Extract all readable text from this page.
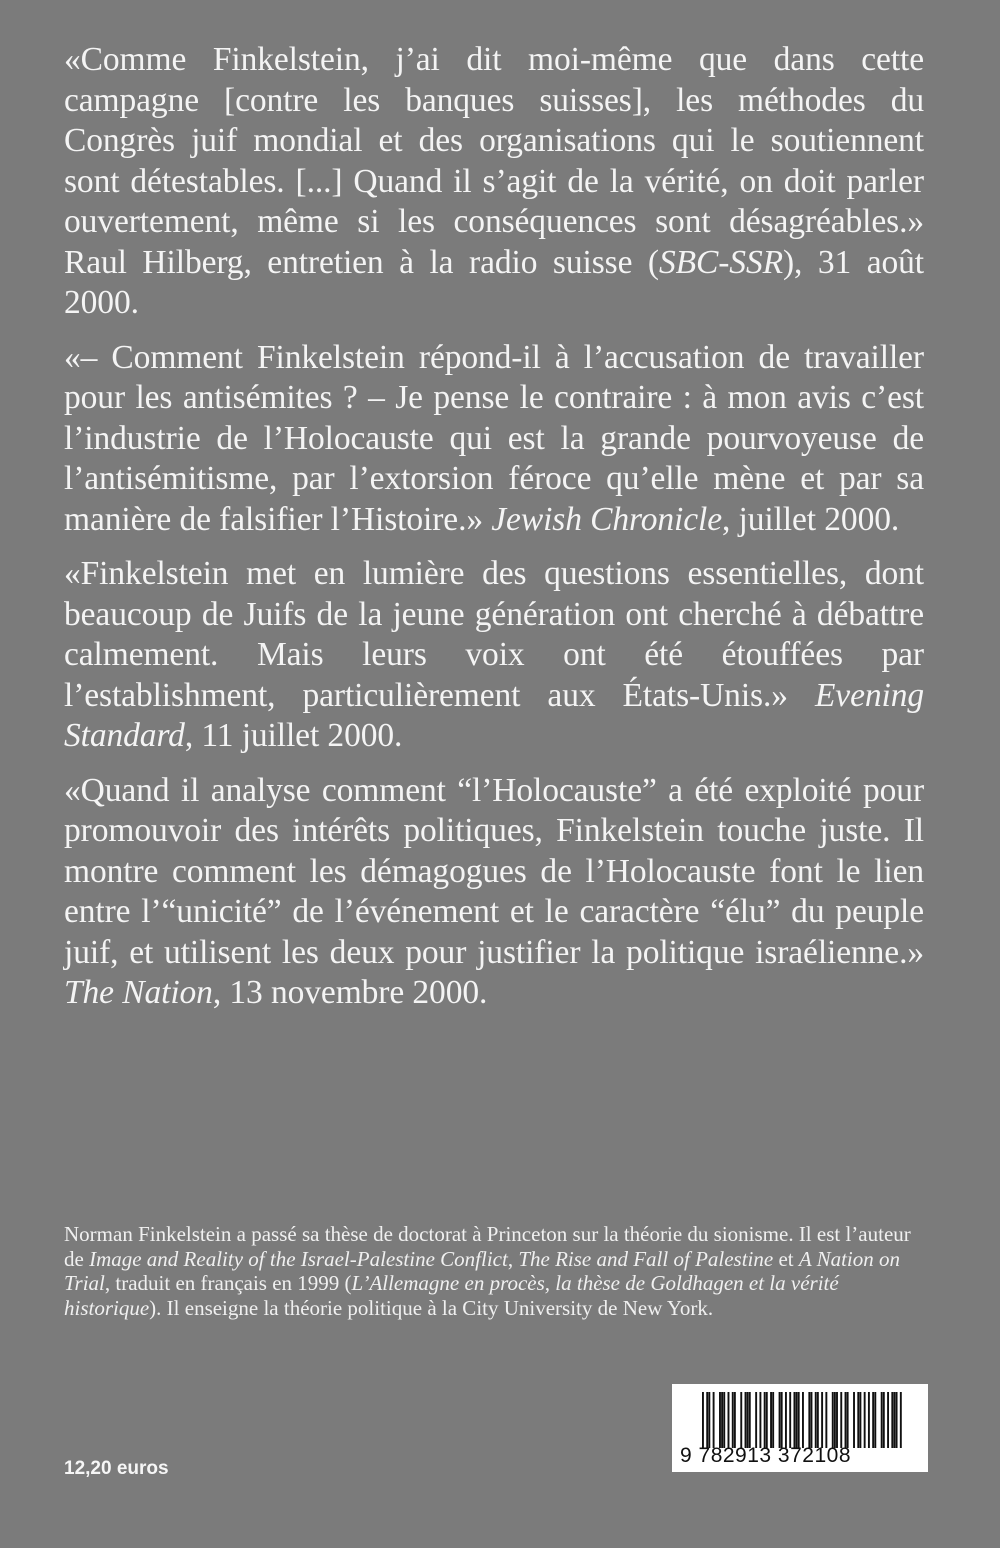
«Comme Finkelstein, j’ai dit moi-même que dans cette campagne [contre les banques suisses], les méthodes du Congrès juif mondial et des organisations qui le soutiennent sont détestables. [...] Quand il s’agit de la vérité, on doit parler ouvertement, même si les conséquences sont désagréables.» Raul Hilberg, entretien à la radio suisse (SBC-SSR), 31 août 2000.

«– Comment Finkelstein répond-il à l’accusation de travailler pour les antisémites ? – Je pense le contraire : à mon avis c’est l’industrie de l’Holocauste qui est la grande pourvoyeuse de l’antisémitisme, par l’extorsion féroce qu’elle mène et par sa manière de falsifier l’Histoire.» Jewish Chronicle, juillet 2000.

«Finkelstein met en lumière des questions essentielles, dont beaucoup de Juifs de la jeune génération ont cherché à débattre calmement. Mais leurs voix ont été étouffées par l’establishment, particulièrement aux États-Unis.» Evening Standard, 11 juillet 2000.

«Quand il analyse comment “l’Holocauste” a été exploité pour promouvoir des intérêts politiques, Finkelstein touche juste. Il montre comment les démagogues de l’Holocauste font le lien entre l’“unicité” de l’événement et le caractère “élu” du peuple juif, et utilisent les deux pour justifier la politique israélienne.» The Nation, 13 novembre 2000.

Norman Finkelstein a passé sa thèse de doctorat à Princeton sur la théorie du sionisme. Il est l’auteur de Image and Reality of the Israel-Palestine Conflict, The Rise and Fall of Palestine et A Nation on Trial, traduit en français en 1999 (L’Allemagne en procès, la thèse de Goldhagen et la vérité historique). Il enseigne la théorie politique à la City University de New York.
12,20 euros
9 782913 372108
